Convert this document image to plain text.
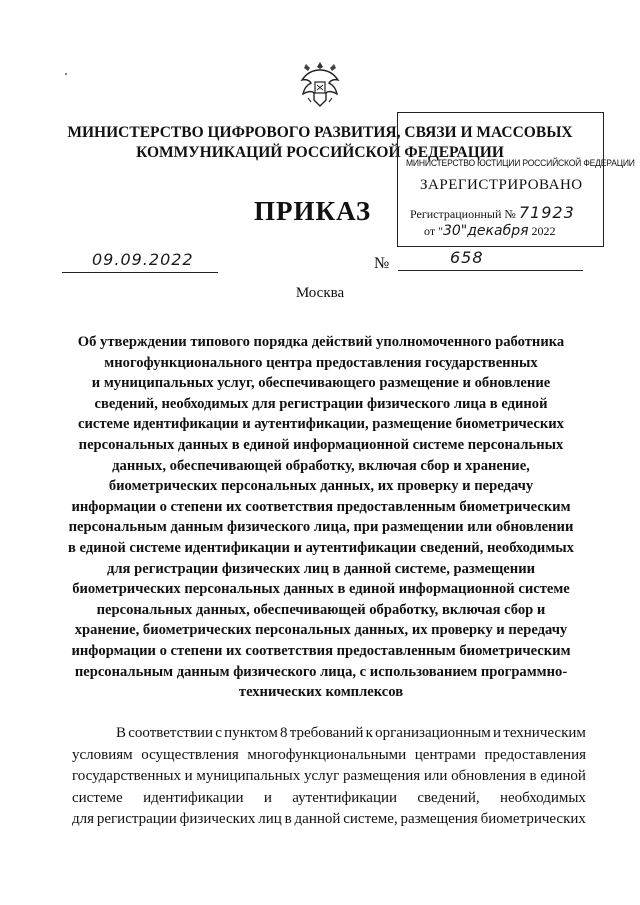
МИНИСТЕРСТВО ЦИФРОВОГО РАЗВИТИЯ, СВЯЗИ И МАССОВЫХ
КОММУНИКАЦИЙ РОССИЙСКОЙ ФЕДЕРАЦИИ
МИНИСТЕРСТВО ЮСТИЦИИ РОССИЙСКОЙ ФЕДЕРАЦИИ
ЗАРЕГИСТРИРОВАНО
Регистрационный № 71923
от "30"декабря 2022
ПРИКАЗ
09.09.2022	№	658
Москва
Об утверждении типового порядка действий уполномоченного работника
многофункционального центра предоставления государственных
и муниципальных услуг, обеспечивающего размещение и обновление
сведений, необходимых для регистрации физического лица в единой
системе идентификации и аутентификации, размещение биометрических
персональных данных в единой информационной системе персональных
данных, обеспечивающей обработку, включая сбор и хранение,
биометрических персональных данных, их проверку и передачу
информации о степени их соответствия предоставленным биометрическим
персональным данным физического лица, при размещении или обновлении
в единой системе идентификации и аутентификации сведений, необходимых
для регистрации физических лиц в данной системе, размещении
биометрических персональных данных в единой информационной системе
персональных данных, обеспечивающей обработку, включая сбор и
хранение, биометрических персональных данных, их проверку и передачу
информации о степени их соответствия предоставленным биометрическим
персональным данным физического лица, с использованием программно-
технических комплексов
В соответствии с пунктом 8 требований к организационным и техническим
условиям осуществления многофункциональными центрами предоставления
государственных и муниципальных услуг размещения или обновления в единой
системе идентификации и аутентификации сведений, необходимых
для регистрации физических лиц в данной системе, размещения биометрических
